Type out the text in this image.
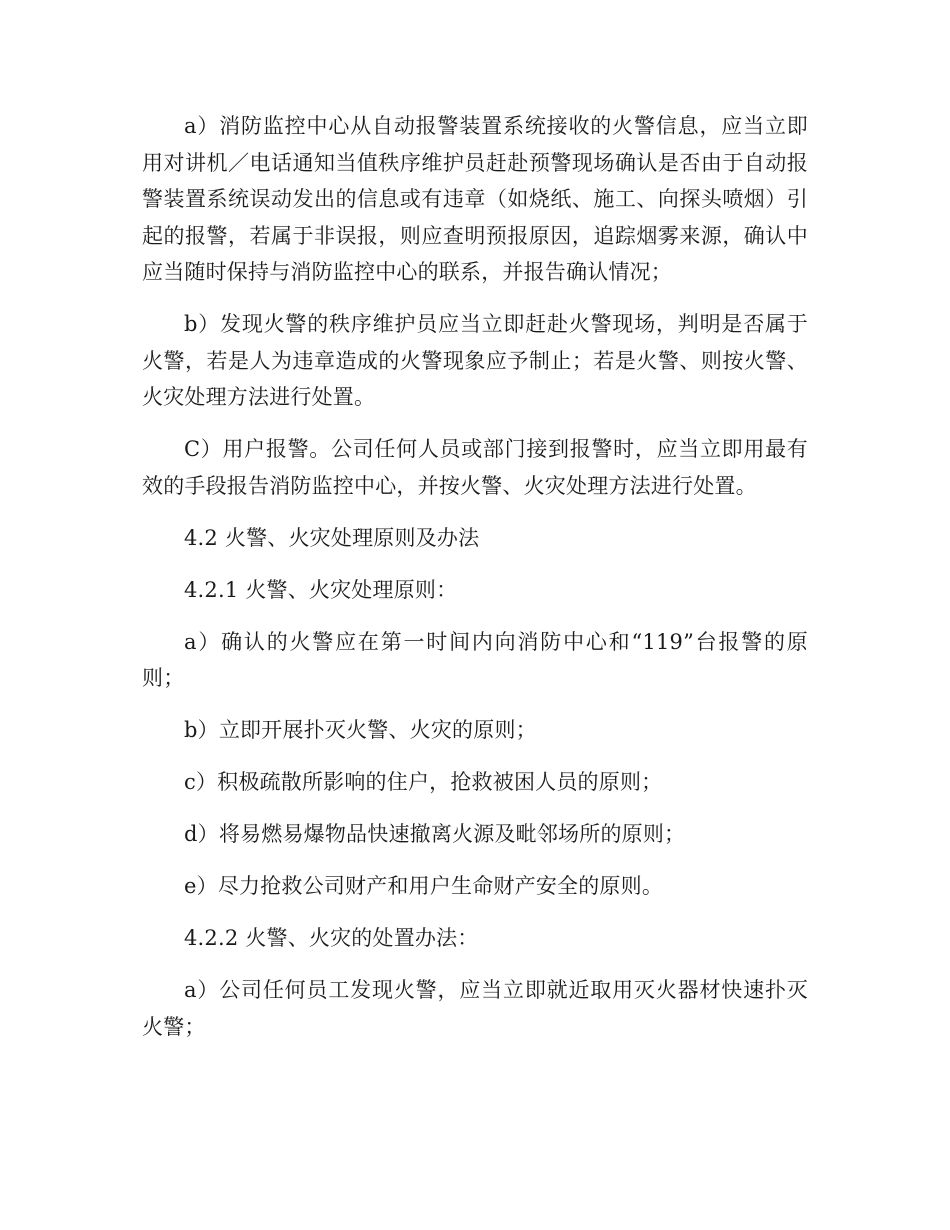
a）消防监控中心从自动报警装置系统接收的火警信息，应当立即用对讲机／电话通知当值秩序维护员赶赴预警现场确认是否由于自动报警装置系统误动发出的信息或有违章（如烧纸、施工、向探头喷烟）引起的报警，若属于非误报，则应查明预报原因，追踪烟雾来源，确认中应当随时保持与消防监控中心的联系，并报告确认情况；

b）发现火警的秩序维护员应当立即赶赴火警现场，判明是否属于火警，若是人为违章造成的火警现象应予制止；若是火警、则按火警、火灾处理方法进行处置。

C）用户报警。公司任何人员或部门接到报警时，应当立即用最有效的手段报告消防监控中心，并按火警、火灾处理方法进行处置。

4.2 火警、火灾处理原则及办法

4.2.1 火警、火灾处理原则：

a）确认的火警应在第一时间内向消防中心和“119”台报警的原则；

b）立即开展扑灭火警、火灾的原则；

c）积极疏散所影响的住户，抢救被困人员的原则；

d）将易燃易爆物品快速撤离火源及毗邻场所的原则；

e）尽力抢救公司财产和用户生命财产安全的原则。

4.2.2 火警、火灾的处置办法：

a）公司任何员工发现火警，应当立即就近取用灭火器材快速扑灭火警；
